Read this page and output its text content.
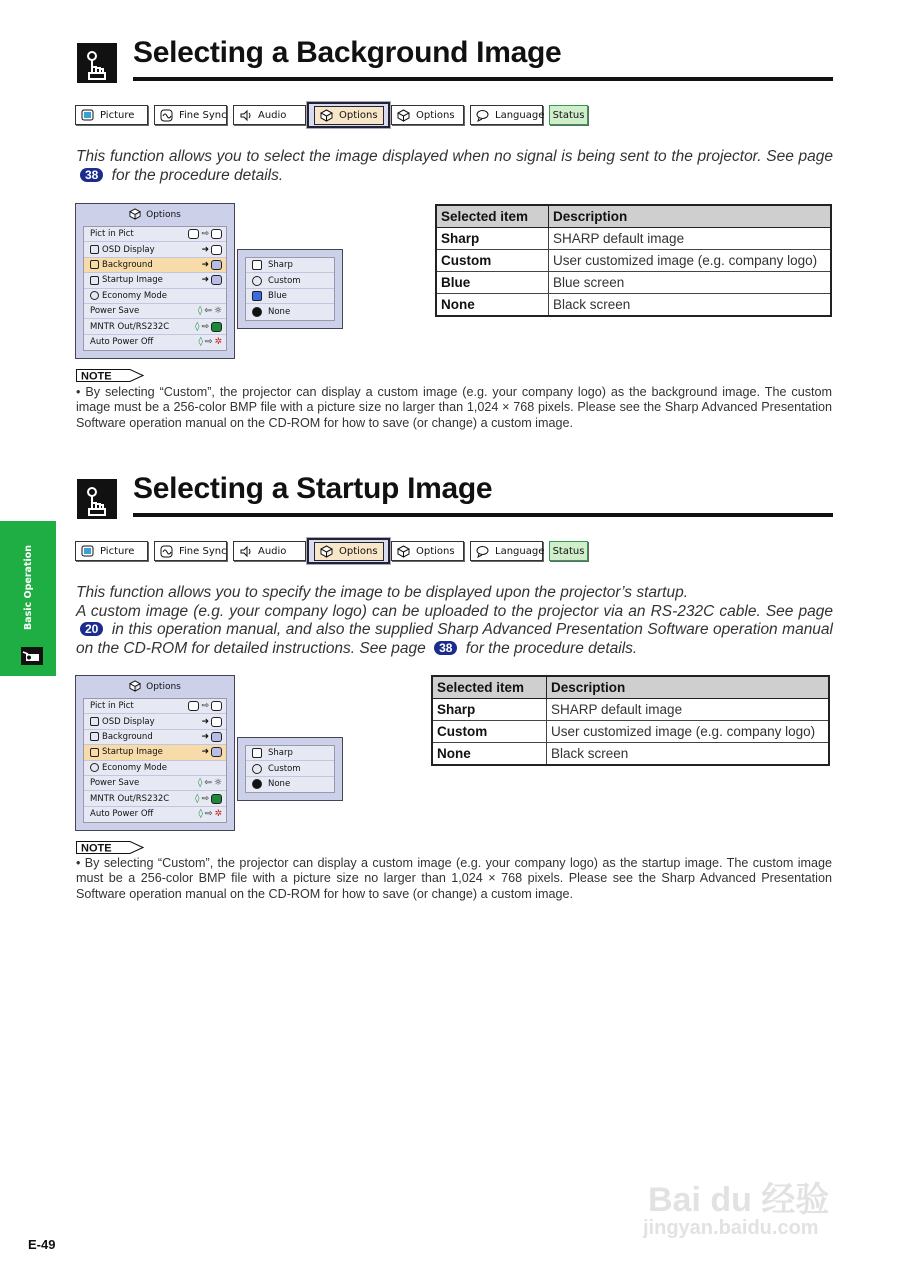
Selecting a Background Image
Picture	Fine Sync	Audio	Options	Options	Language Status
This function allows you to select the image displayed when no signal is being sent to the projector. See page 38 for the procedure details.
Options
Pict in Pict	⇨
OSD Display	➜
Background	➜
Startup Image	➜
Economy Mode
Power Save	◊ ⇦ ☼
MNTR Out/RS232C	◊ ⇨
Auto Power Off	◊ ⇨ ✲
Sharp
Custom
Blue
None
Selected item	Description
Sharp	SHARP default image
Custom	User customized image (e.g. company logo)
Blue	Blue screen
None	Black screen
NOTE
• By selecting “Custom”, the projector can display a custom image (e.g. your company logo) as the background image. The custom image must be a 256-color BMP file with a picture size no larger than 1,024 × 768 pixels. Please see the Sharp Advanced Presentation Software operation manual on the CD-ROM for how to save (or change) a custom image.
Selecting a Startup Image
Picture	Fine Sync	Audio	Options	Options	Language Status
This function allows you to specify the image to be displayed upon the projector’s startup.
A custom image (e.g. your company logo) can be uploaded to the projector via an RS-232C cable. See page 20 in this operation manual, and also the supplied Sharp Advanced Presentation Software operation manual on the CD-ROM for detailed instructions. See page 38 for the procedure details.
Options
Pict in Pict	⇨
OSD Display	➜
Background	➜
Startup Image	➜
Economy Mode
Power Save	◊ ⇦ ☼
MNTR Out/RS232C	◊ ⇨
Auto Power Off	◊ ⇨ ✲
Sharp
Custom
None
Selected item	Description
Sharp	SHARP default image
Custom	User customized image (e.g. company logo)
None	Black screen
NOTE
• By selecting “Custom”, the projector can display a custom image (e.g. your company logo) as the startup image. The custom image must be a 256-color BMP file with a picture size no larger than 1,024 × 768 pixels. Please see the Sharp Advanced Presentation Software operation manual on the CD-ROM for how to save (or change) a custom image.
Basic Operation
E-49
Bai du 经验
jingyan.baidu.com
